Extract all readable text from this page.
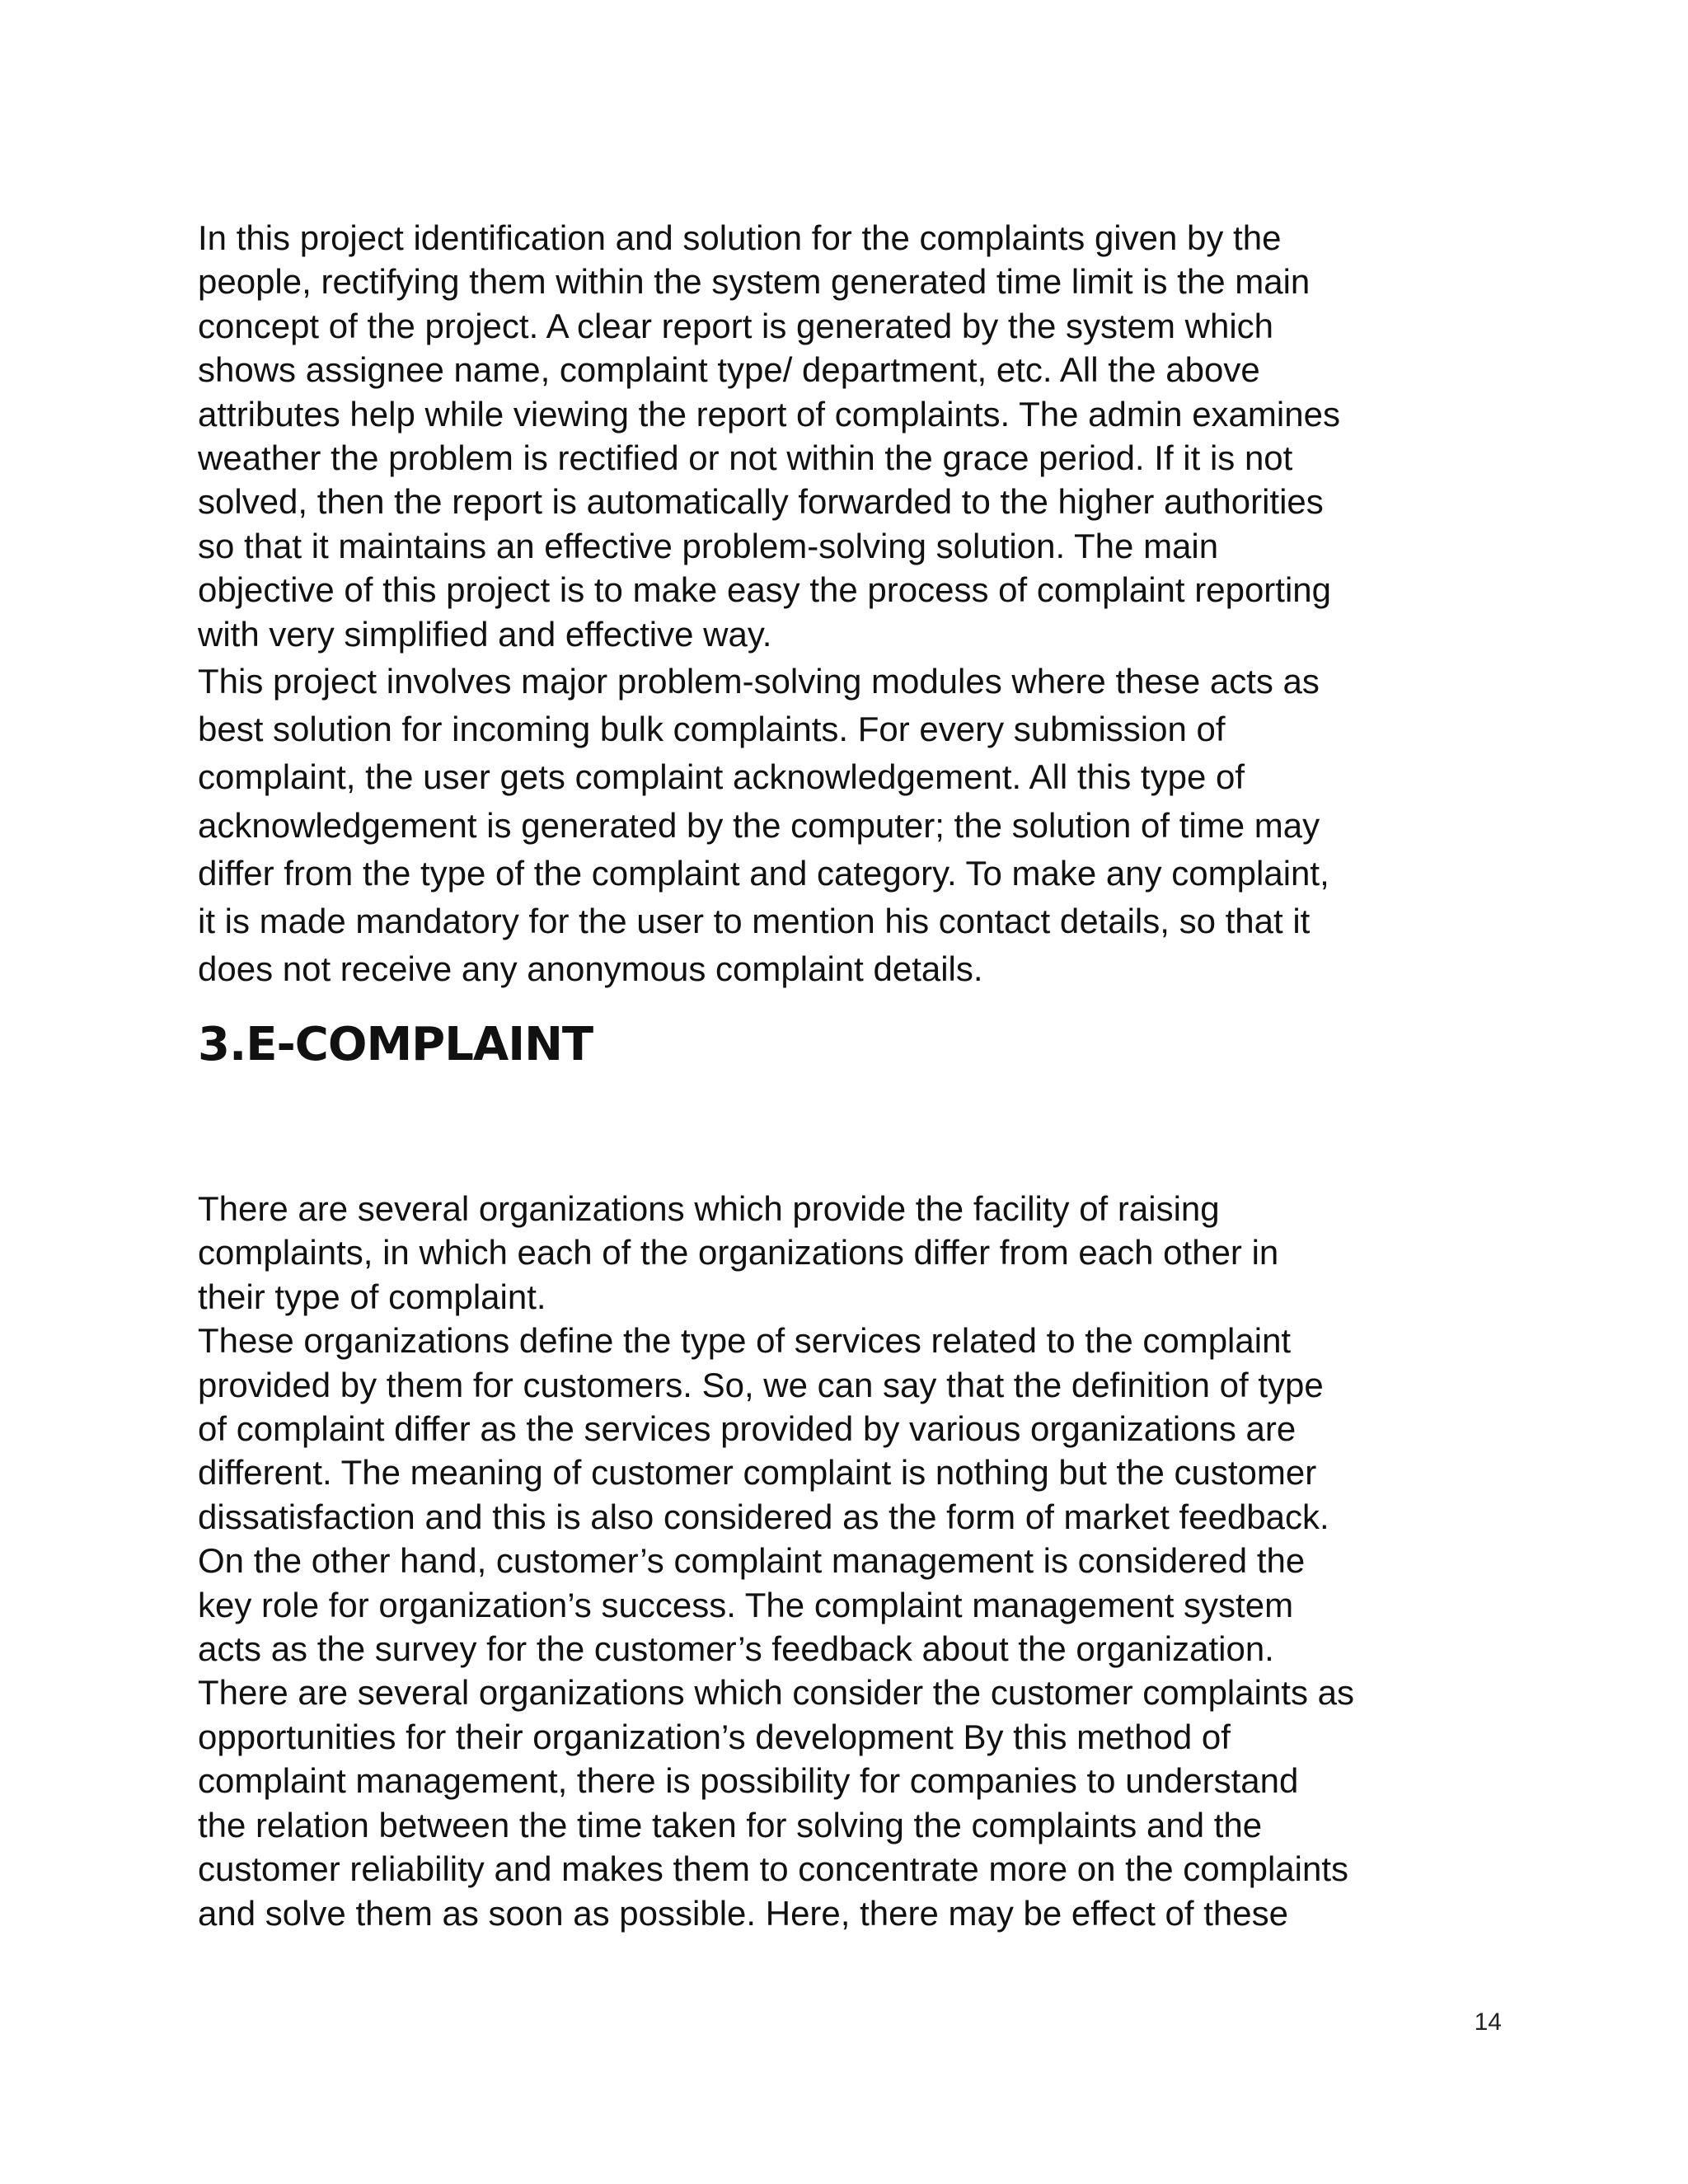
In this project identification and solution for the complaints given by the
people, rectifying them within the system generated time limit is the main
concept of the project. A clear report is generated by the system which
shows assignee name, complaint type/ department, etc. All the above
attributes help while viewing the report of complaints. The admin examines
weather the problem is rectified or not within the grace period. If it is not
solved, then the report is automatically forwarded to the higher authorities
so that it maintains an effective problem-solving solution. The main
objective of this project is to make easy the process of complaint reporting
with very simplified and effective way.

This project involves major problem-solving modules where these acts as
best solution for incoming bulk complaints. For every submission of
complaint, the user gets complaint acknowledgement. All this type of
acknowledgement is generated by the computer; the solution of time may
differ from the type of the complaint and category. To make any complaint,
it is made mandatory for the user to mention his contact details, so that it
does not receive any anonymous complaint details.

3.E-COMPLAINT

There are several organizations which provide the facility of raising
complaints, in which each of the organizations differ from each other in
their type of complaint.

These organizations define the type of services related to the complaint
provided by them for customers. So, we can say that the definition of type
of complaint differ as the services provided by various organizations are
different. The meaning of customer complaint is nothing but the customer
dissatisfaction and this is also considered as the form of market feedback.
On the other hand, customer’s complaint management is considered the
key role for organization’s success. The complaint management system
acts as the survey for the customer’s feedback about the organization.
There are several organizations which consider the customer complaints as
opportunities for their organization’s development By this method of
complaint management, there is possibility for companies to understand
the relation between the time taken for solving the complaints and the
customer reliability and makes them to concentrate more on the complaints
and solve them as soon as possible. Here, there may be effect of these

14
